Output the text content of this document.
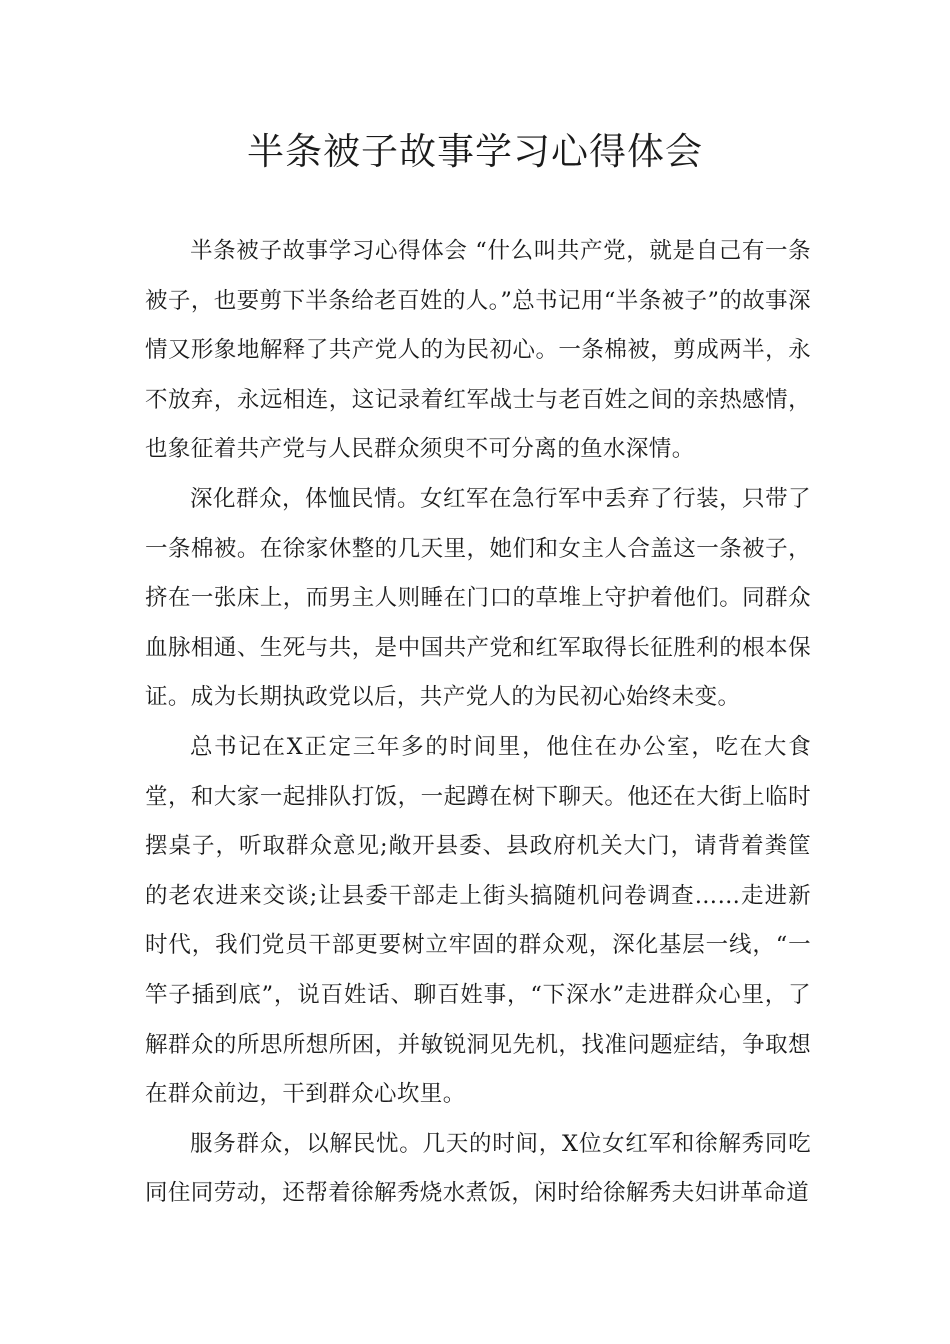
半条被子故事学习心得体会

半条被子故事学习心得体会 “什么叫共产党，就是自己有一条被子，也要剪下半条给老百姓的人。”总书记用“半条被子”的故事深情又形象地解释了共产党人的为民初心。一条棉被，剪成两半，永不放弃，永远相连，这记录着红军战士与老百姓之间的亲热感情，也象征着共产党与人民群众须臾不可分离的鱼水深情。

深化群众，体恤民情。女红军在急行军中丢弃了行装，只带了一条棉被。在徐家休整的几天里，她们和女主人合盖这一条被子，挤在一张床上，而男主人则睡在门口的草堆上守护着他们。同群众血脉相通、生死与共，是中国共产党和红军取得长征胜利的根本保证。成为长期执政党以后，共产党人的为民初心始终未变。

总书记在X正定三年多的时间里，他住在办公室，吃在大食堂，和大家一起排队打饭，一起蹲在树下聊天。他还在大街上临时摆桌子，听取群众意见;敞开县委、县政府机关大门，请背着粪筐的老农进来交谈;让县委干部走上街头搞随机问卷调查……走进新时代，我们党员干部更要树立牢固的群众观，深化基层一线，“一竿子插到底”，说百姓话、聊百姓事，“下深水”走进群众心里，了解群众的所思所想所困，并敏锐洞见先机，找准问题症结，争取想在群众前边，干到群众心坎里。

服务群众，以解民忧。几天的时间，X位女红军和徐解秀同吃同住同劳动，还帮着徐解秀烧水煮饭，闲时给徐解秀夫妇讲革命道
